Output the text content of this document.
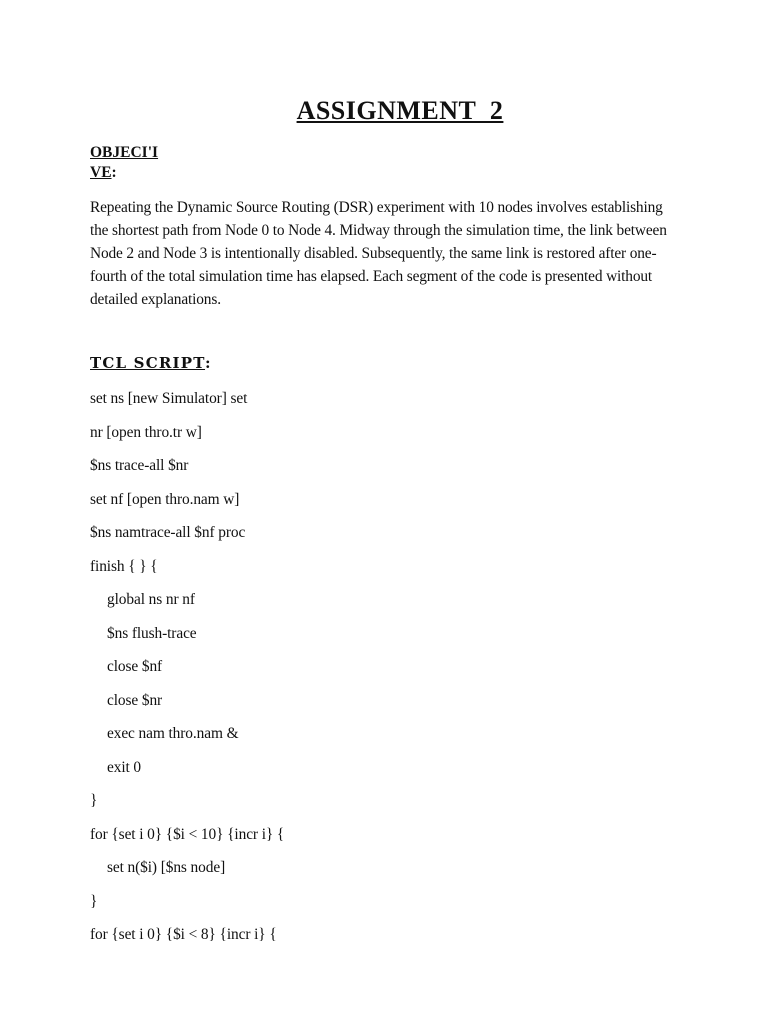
ASSIGNMENT  2
OBJECI'I
VE:
Repeating the Dynamic Source Routing (DSR) experiment with 10 nodes involves establishing
the shortest path from Node 0 to Node 4. Midway through the simulation time, the link between
Node 2 and Node 3 is intentionally disabled. Subsequently, the same link is restored after one-
fourth of the total simulation time has elapsed. Each segment of the code is presented without
detailed explanations.
TCL SCRIPT:
set ns [new Simulator] set
nr [open thro.tr w]
$ns trace-all $nr
set nf [open thro.nam w]
$ns namtrace-all $nf proc
finish { } {
global ns nr nf
$ns flush-trace
close $nf
close $nr
exec nam thro.nam &
exit 0
}
for {set i 0} {$i < 10} {incr i} {
set n($i) [$ns node]
}
for {set i 0} {$i < 8} {incr i} {
